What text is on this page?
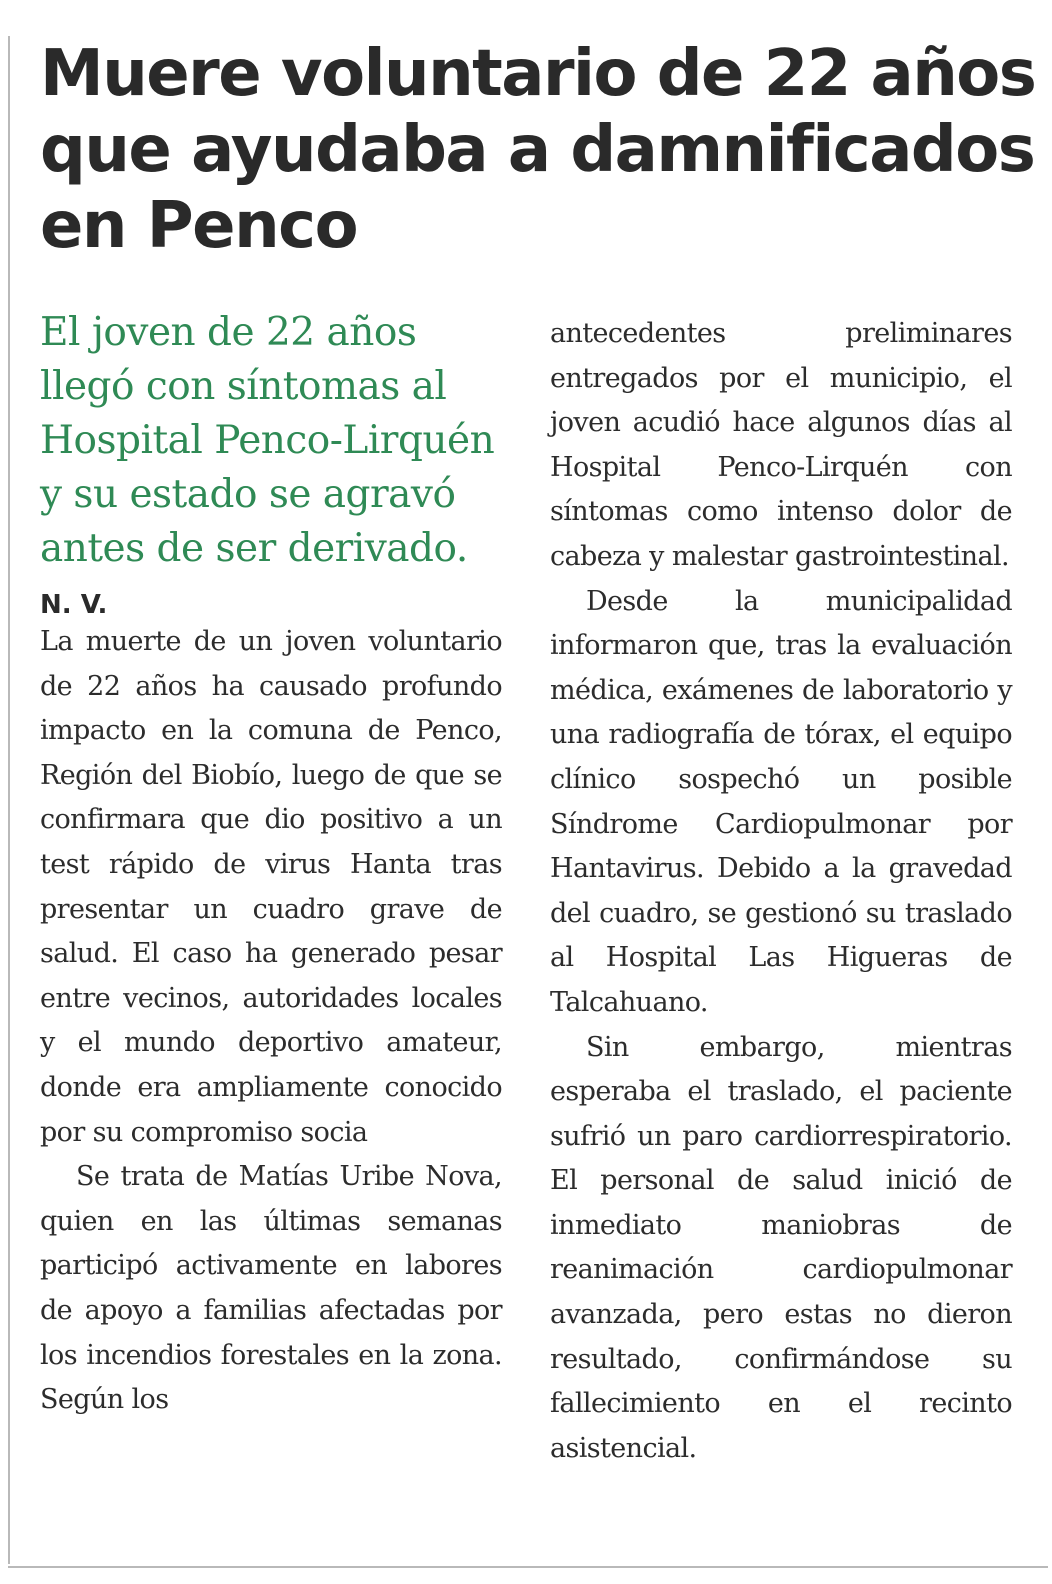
Muere voluntario de 22 años que ayudaba a damnificados en Penco

El joven de 22 años llegó con síntomas al Hospital Penco-Lirquén y su estado se agravó antes de ser derivado.

N. V.

La muerte de un joven voluntario de 22 años ha causado profundo impacto en la comuna de Penco, Región del Biobío, luego de que se confirmara que dio positivo a un test rápido de virus Hanta tras presentar un cuadro grave de salud. El caso ha generado pesar entre vecinos, autoridades locales y el mundo deportivo amateur, donde era ampliamente conocido por su compromiso socia

Se trata de Matías Uribe Nova, quien en las últimas semanas participó activamente en labores de apoyo a familias afectadas por los incendios forestales en la zona. Según los

antecedentes preliminares entregados por el municipio, el joven acudió hace algunos días al Hospital Penco-Lirquén con síntomas como intenso dolor de cabeza y malestar gastrointestinal.

Desde la municipalidad informaron que, tras la evaluación médica, exámenes de laboratorio y una radiografía de tórax, el equipo clínico sospechó un posible Síndrome Cardiopulmonar por Hantavirus. Debido a la gravedad del cuadro, se gestionó su traslado al Hospital Las Higueras de Talcahuano.

Sin embargo, mientras esperaba el traslado, el paciente sufrió un paro cardiorrespiratorio. El personal de salud inició de inmediato maniobras de reanimación cardiopulmonar avanzada, pero estas no dieron resultado, confirmándose su fallecimiento en el recinto asistencial.
